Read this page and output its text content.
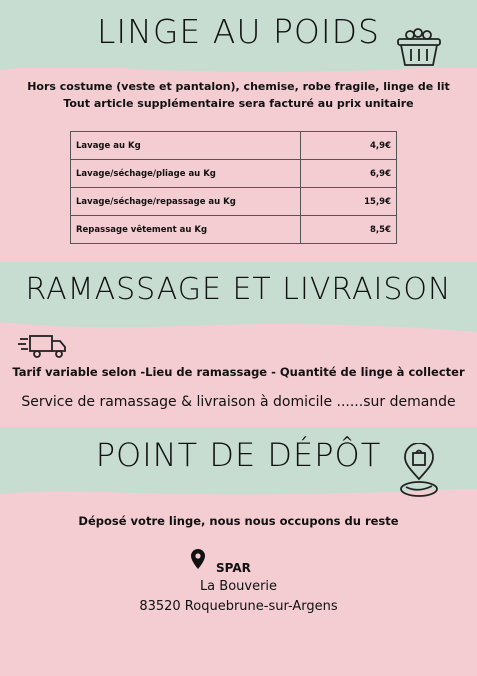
LINGE AU POIDS
Hors costume (veste et pantalon), chemise, robe fragile, linge de lit
Tout article supplémentaire sera facturé au prix unitaire
Lavage au Kg	4,9€
Lavage/séchage/pliage au Kg	6,9€
Lavage/séchage/repassage au Kg	15,9€
Repassage vêtement au Kg	8,5€
RAMASSAGE ET LIVRAISON
Tarif variable selon -Lieu de ramassage - Quantité de linge à collecter
Service de ramassage & livraison à domicile ......sur demande
POINT DE DÉPÔT
Déposé votre linge, nous nous occupons du reste
SPAR
La Bouverie
83520 Roquebrune-sur-Argens
